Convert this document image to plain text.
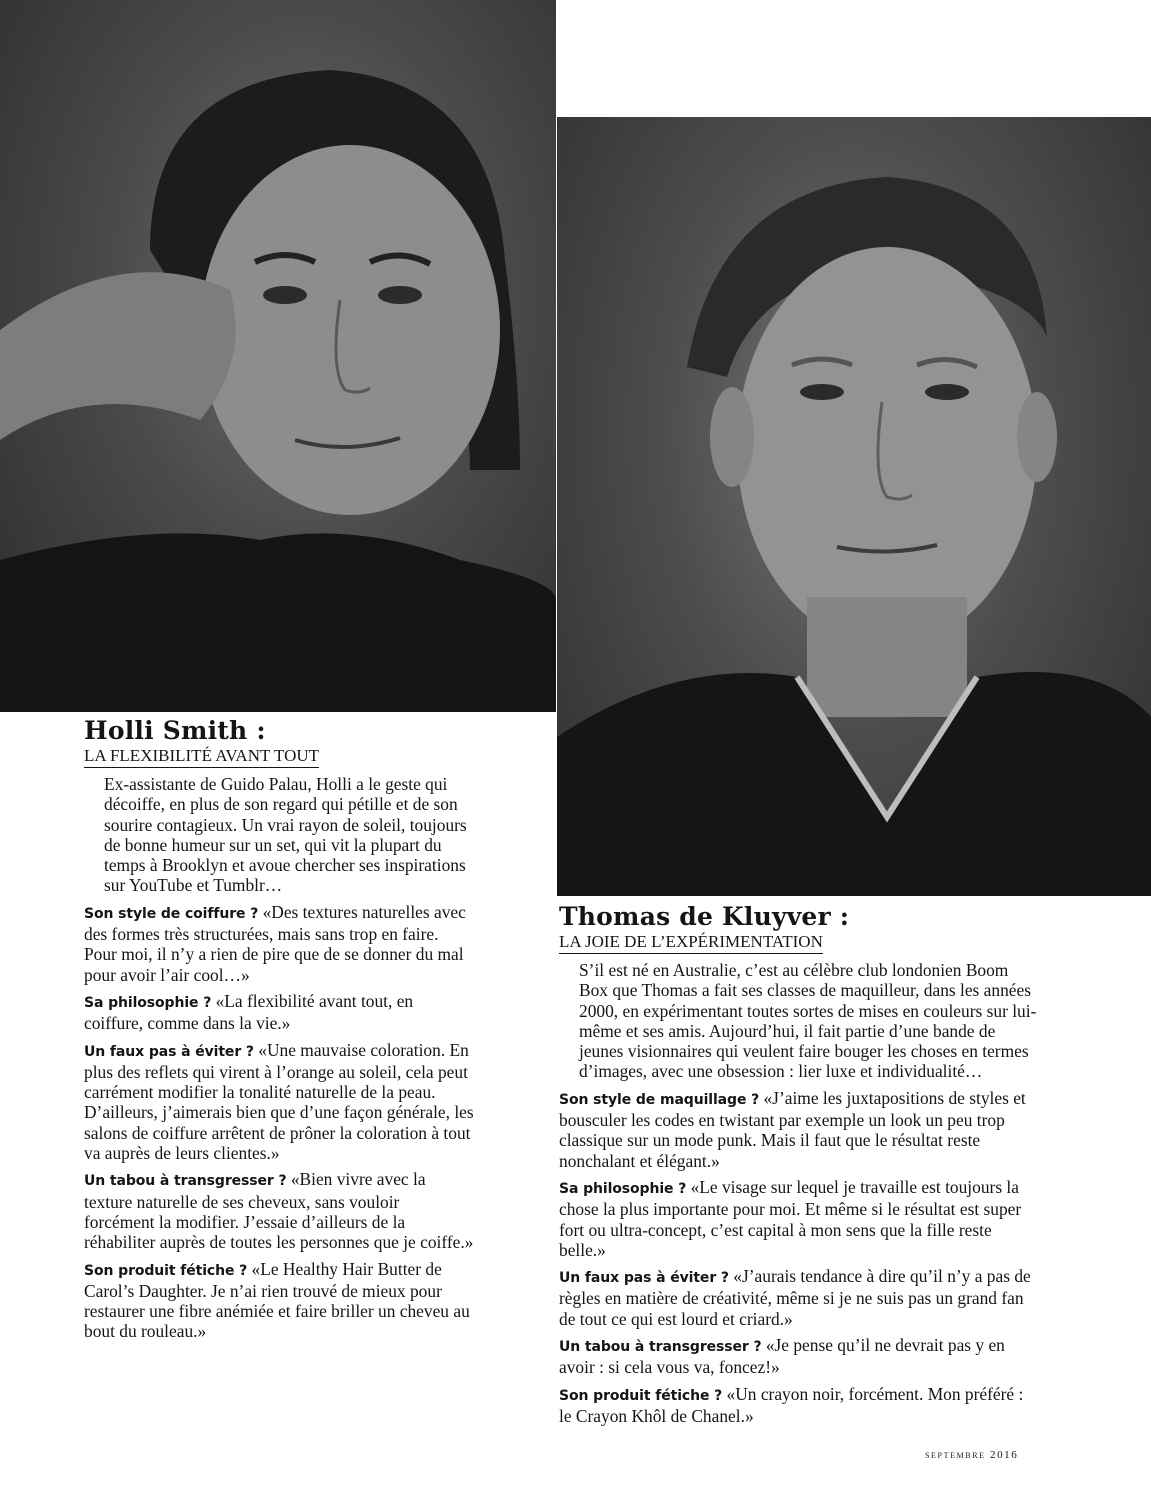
Holli Smith :
LA FLEXIBILITÉ AVANT TOUT

Ex-assistante de Guido Palau, Holli a le geste qui décoiffe, en plus de son regard qui pétille et de son sourire contagieux. Un vrai rayon de soleil, toujours de bonne humeur sur un set, qui vit la plupart du temps à Brooklyn et avoue chercher ses inspirations sur YouTube et Tumblr…

Son style de coiffure ? «Des textures naturelles avec des formes très structurées, mais sans trop en faire. Pour moi, il n’y a rien de pire que de se donner du mal pour avoir l’air cool…»

Sa philosophie ? «La flexibilité avant tout, en coiffure, comme dans la vie.»

Un faux pas à éviter ? «Une mauvaise coloration. En plus des reflets qui virent à l’orange au soleil, cela peut carrément modifier la tonalité naturelle de la peau. D’ailleurs, j’aimerais bien que d’une façon générale, les salons de coiffure arrêtent de prôner la coloration à tout va auprès de leurs clientes.»

Un tabou à transgresser ? «Bien vivre avec la texture naturelle de ses cheveux, sans vouloir forcément la modifier. J’essaie d’ailleurs de la réhabiliter auprès de toutes les personnes que je coiffe.»

Son produit fétiche ? «Le Healthy Hair Butter de Carol’s Daughter. Je n’ai rien trouvé de mieux pour restaurer une fibre anémiée et faire briller un cheveu au bout du rouleau.»

Thomas de Kluyver :
LA JOIE DE L’EXPÉRIMENTATION

S’il est né en Australie, c’est au célèbre club londonien Boom Box que Thomas a fait ses classes de maquilleur, dans les années 2000, en expérimentant toutes sortes de mises en couleurs sur lui-même et ses amis. Aujourd’hui, il fait partie d’une bande de jeunes visionnaires qui veulent faire bouger les choses en termes d’images, avec une obsession : lier luxe et individualité…

Son style de maquillage ? «J’aime les juxtapositions de styles et bousculer les codes en twistant par exemple un look un peu trop classique sur un mode punk. Mais il faut que le résultat reste nonchalant et élégant.»

Sa philosophie ? «Le visage sur lequel je travaille est toujours la chose la plus importante pour moi. Et même si le résultat est super fort ou ultra-concept, c’est capital à mon sens que la fille reste belle.»

Un faux pas à éviter ? «J’aurais tendance à dire qu’il n’y a pas de règles en matière de créativité, même si je ne suis pas un grand fan de tout ce qui est lourd et criard.»

Un tabou à transgresser ? «Je pense qu’il ne devrait pas y en avoir : si cela vous va, foncez!»

Son produit fétiche ? «Un crayon noir, forcément. Mon préféré : le Crayon Khôl de Chanel.»

septembre 2016
